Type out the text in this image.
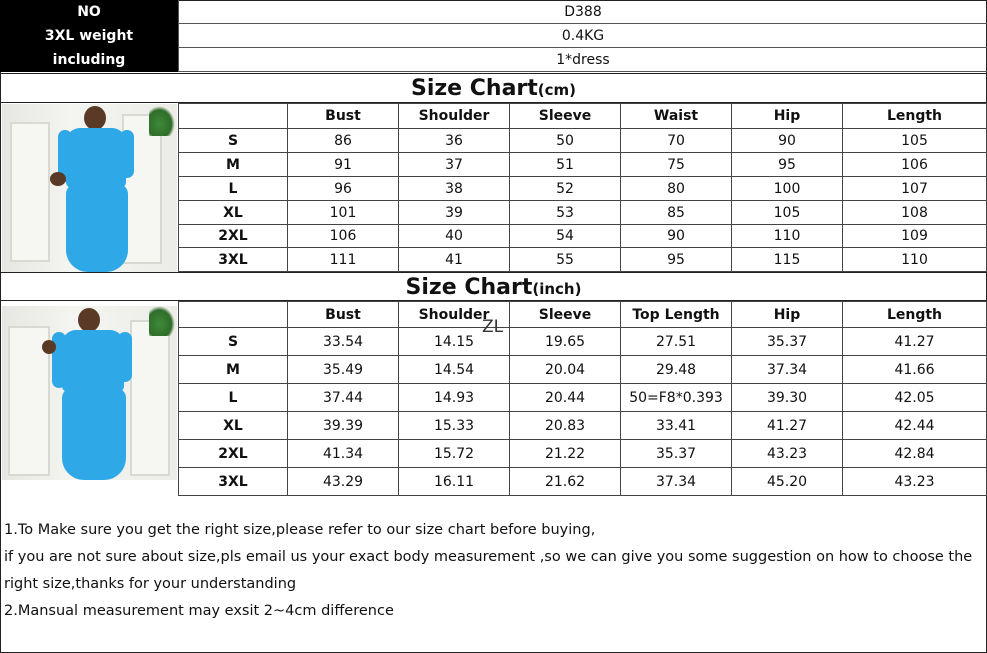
NO	D388
3XL weight	0.4KG
including	1*dress
Size Chart(cm)
	Bust	Shoulder	Sleeve	Waist	Hip	Length
S	86	36	50	70	90	105
M	91	37	51	75	95	106
L	96	38	52	80	100	107
XL	101	39	53	85	105	108
2XL	106	40	54	90	110	109
3XL	111	41	55	95	115	110
Size Chart(inch)
	Bust	Shoulder	Sleeve	Top Length	Hip	Length
S	33.54	14.15	19.65	27.51	35.37	41.27
M	35.49	14.54	20.04	29.48	37.34	41.66
L	37.44	14.93	20.44	50=F8*0.393	39.30	42.05
XL	39.39	15.33	20.83	33.41	41.27	42.44
2XL	41.34	15.72	21.22	35.37	43.23	42.84
3XL	43.29	16.11	21.62	37.34	45.20	43.23
ZL

1.To Make sure you get the right size,please refer to our size chart before buying,

if you are not sure about size,pls email us your exact body measurement ,so we can give you some suggestion on how to choose the

right size,thanks for your understanding

2.Mansual measurement may exsit 2~4cm difference
